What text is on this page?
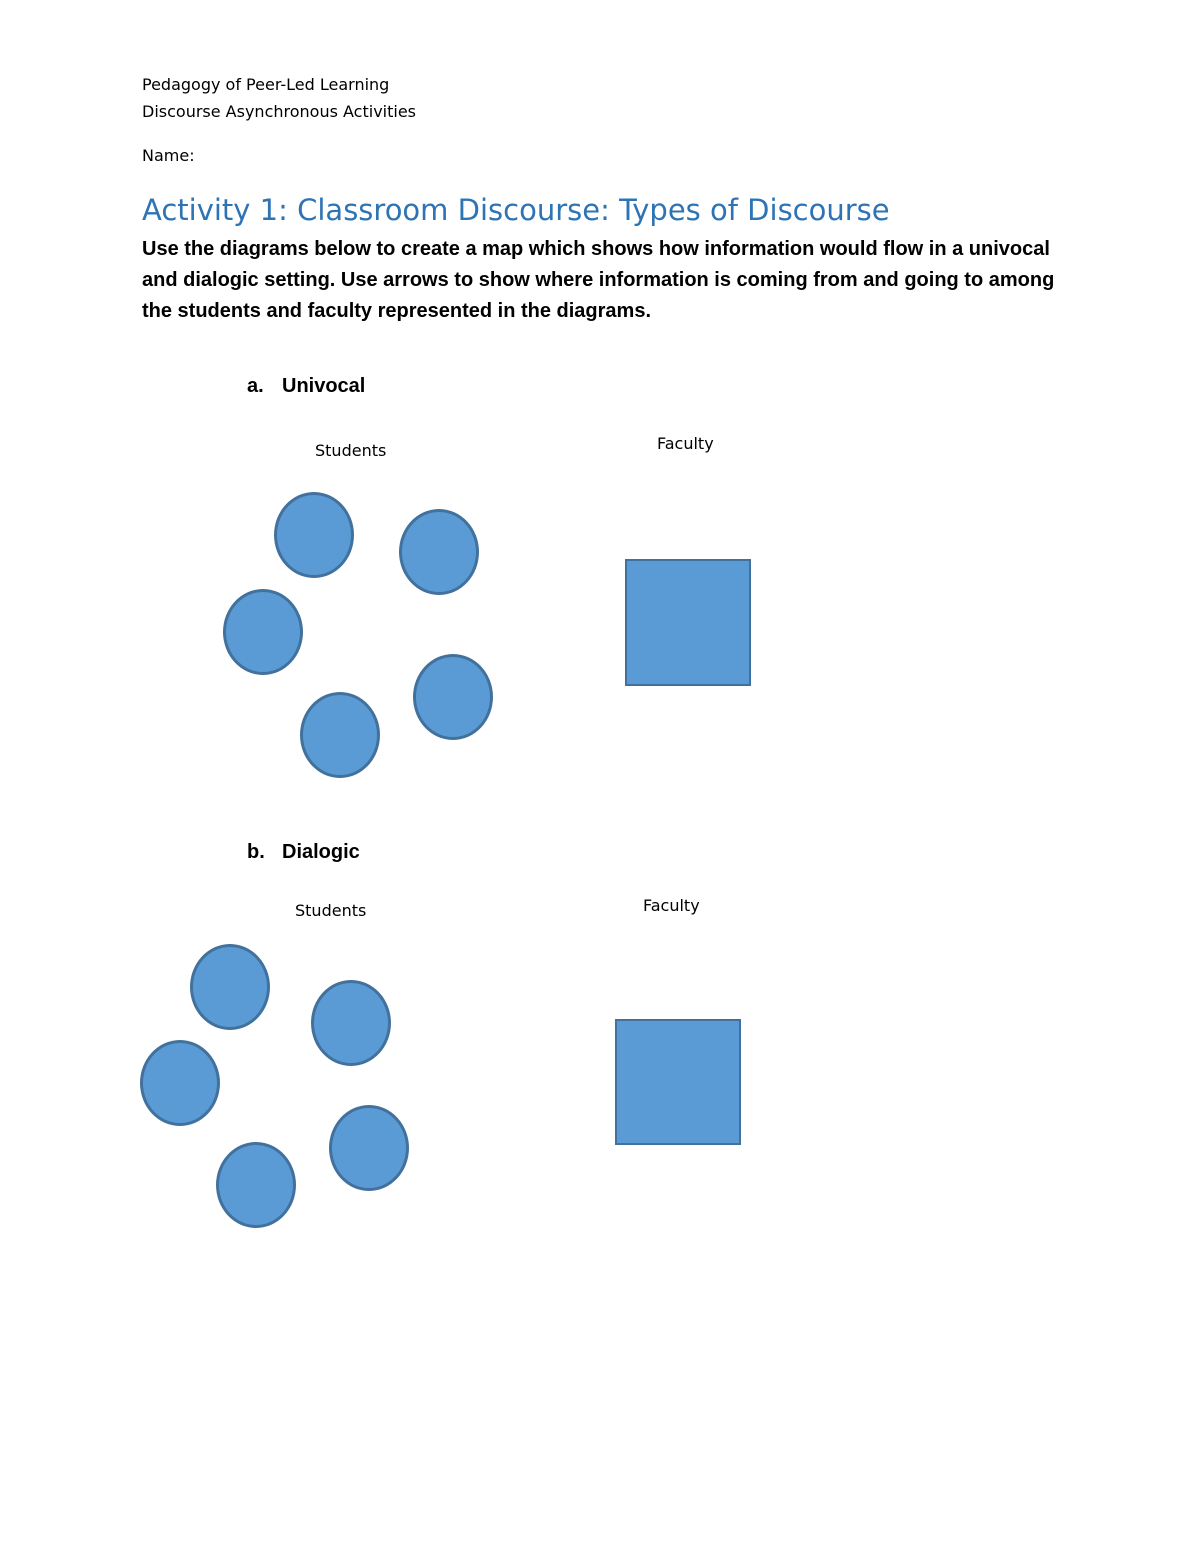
Pedagogy of Peer-Led Learning
Discourse Asynchronous Activities
Name:
Activity 1: Classroom Discourse: Types of Discourse
Use the diagrams below to create a map which shows how information would flow in a univocal and dialogic setting. Use arrows to show where information is coming from and going to among the students and faculty represented in the diagrams.
a. Univocal
Students	Faculty
b. Dialogic
Students	Faculty
